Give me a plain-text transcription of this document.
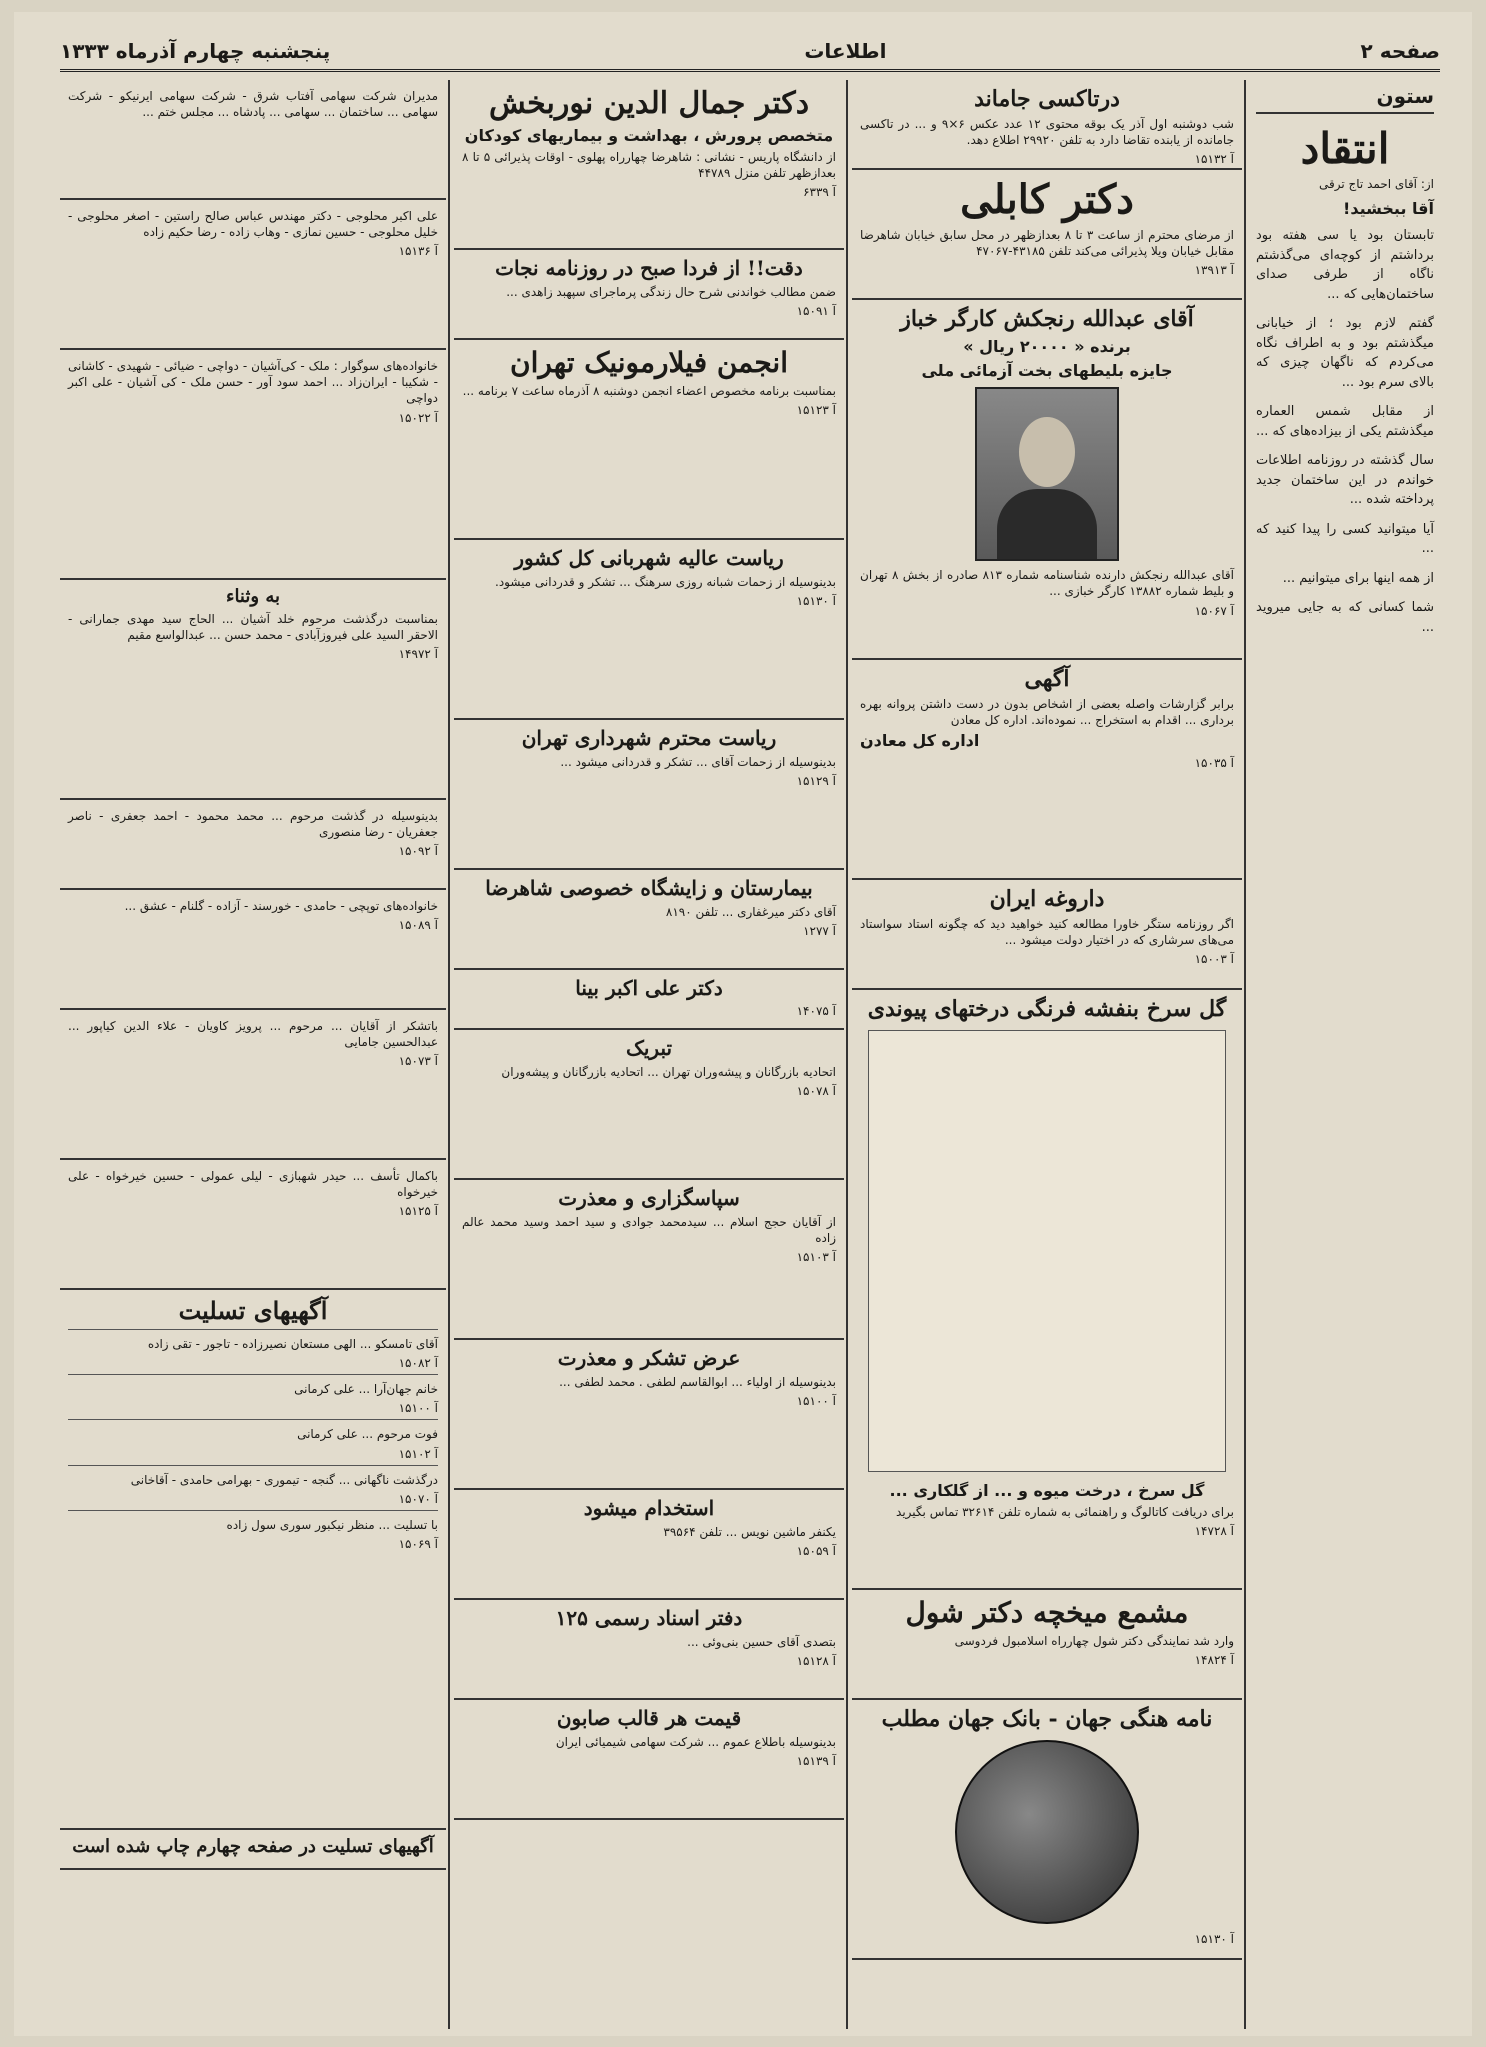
صفحه ۲
اطلاعات
پنجشنبه چهارم آذرماه ۱۳۳۳
ستون
انتقاد
از: آقای احمد تاج ترقی
آقا ببخشید!

تابستان بود یا سی هفته بود برداشتم از کوچه‌ای می‌گذشتم ناگاه از طرفی صدای ساختمان‌هایی که ...

گفتم لازم بود ؛ از خیابانی میگذشتم بود و به اطراف نگاه می‌کردم که ناگهان چیزی که بالای سرم بود ...

از مقابل شمس العماره میگذشتم یکی از بیزاده‌های که ...

سال گذشته در روزنامه اطلاعات خواندم در این ساختمان جدید پرداخته شده ...

آیا میتوانید کسی را پیدا کنید که ...

از همه اینها برای میتوانیم ...

شما کسانی که به جایی میروید ...

درتاکسی جاماند

شب دوشنبه اول آذر یک بوقه محتوی ۱۲ عدد عکس ۶×۹ و ... در تاکسی جامانده از یابنده تقاضا دارد به تلفن ۲۹۹۲۰ اطلاع دهد.

آ ۱۵۱۳۲
دکتر کابلی

از مرضای محترم از ساعت ۳ تا ۸ بعدازظهر در محل سابق خیابان شاهرضا مقابل خیابان ویلا پذیرائی می‌کند تلفن ۴۳۱۸۵-۴۷۰۶۷

آ ۱۳۹۱۳
آقای عبدالله رنجکش کارگر خباز

برنده « ۲۰۰۰۰ ریال »

جایزه بلیطهای بخت آزمائی ملی

آقای عبدالله رنجکش دارنده شناسنامه شماره ۸۱۳ صادره از بخش ۸ تهران و بلیط شماره ۱۳۸۸۲ کارگر خبازی ...

آ ۱۵۰۶۷
آگهی

برابر گزارشات واصله بعضی از اشخاص بدون در دست داشتن پروانه بهره برداری ... اقدام به استخراج ... نموده‌اند. اداره کل معادن

اداره کل معادن

آ ۱۵۰۳۵
داروغه ایران

اگر روزنامه ستگر خاورا مطالعه کنید خواهید دید که چگونه استاد سواستاد می‌های سرشاری که در اختیار دولت میشود ...

آ ۱۵۰۰۳
گل سرخ بنفشه فرنگی درختهای پیوندی

گل سرخ ، درخت میوه و ... از گلکاری ...

برای دریافت کاتالوگ و راهنمائی به شماره تلفن ۳۲۶۱۴ تماس بگیرید

آ ۱۴۷۲۸
مشمع میخچه دکتر شول

وارد شد نمایندگی دکتر شول چهارراه اسلامبول فردوسی

آ ۱۴۸۲۴
نامه هنگی جهان - بانک جهان مطلب
آ ۱۵۱۳۰
دکتر جمال الدین نوربخش

متخصص پرورش ، بهداشت و بیماریهای کودکان

از دانشگاه پاریس - نشانی : شاهرضا چهارراه پهلوی - اوقات پذیرائی ۵ تا ۸ بعدازظهر تلفن منزل ۴۴۷۸۹

آ ۶۳۳۹
دقت!! از فردا صبح در روزنامه نجات

ضمن مطالب خواندنی شرح حال زندگی پرماجرای سپهبد زاهدی ...

آ ۱۵۰۹۱
انجمن فیلارمونیک تهران

بمناسبت برنامه مخصوص اعضاء انجمن دوشنبه ۸ آذرماه ساعت ۷ برنامه ...

آ ۱۵۱۲۳
ریاست عالیه شهربانی کل کشور

بدینوسیله از زحمات شبانه روزی سرهنگ ... تشکر و قدردانی میشود.

آ ۱۵۱۳۰
ریاست محترم شهرداری تهران

بدینوسیله از زحمات آقای ... تشکر و قدردانی میشود ...

آ ۱۵۱۲۹
بیمارستان و زایشگاه خصوصی شاهرضا

آقای دکتر میرغفاری ... تلفن ۸۱۹۰

آ ۱۲۷۷
دکتر علی اکبر بینا
آ ۱۴۰۷۵
تبریک

اتحادیه بازرگانان و پیشه‌وران تهران ... اتحادیه بازرگانان و پیشه‌وران

آ ۱۵۰۷۸
سپاسگزاری و معذرت

از آقایان حجج اسلام ... سیدمحمد جوادی و سید احمد وسید محمد عالم زاده

آ ۱۵۱۰۳
عرض تشکر و معذرت

بدینوسیله از اولیاء ... ابوالقاسم لطفی . محمد لطفی ...

آ ۱۵۱۰۰
استخدام میشود

یکنفر ماشین نویس ... تلفن ۳۹۵۶۴

آ ۱۵۰۵۹
دفتر اسناد رسمی ۱۲۵

بتصدی آقای حسین بنی‌وئی ...

آ ۱۵۱۲۸
قیمت هر قالب صابون

بدینوسیله باطلاع عموم ... شرکت سهامی شیمیائی ایران

آ ۱۵۱۳۹

مدیران شرکت سهامی آفتاب شرق - شرکت سهامی ایرنیکو - شرکت سهامی ... ساختمان ... سهامی ... پادشاه ... مجلس ختم ...

علی اکبر محلوجی - دکتر مهندس عباس صالح راستین - اصغر محلوجی - خلیل محلوجی - حسین نمازی - وهاب زاده - رضا حکیم زاده

آ ۱۵۱۳۶

خانواده‌های سوگوار : ملک - کی‌آشیان - دواچی - ضیائی - شهیدی - کاشانی - شکیبا - ایران‌زاد ... احمد سود آور - حسن ملک - کی آشیان - علی اکبر دواچی

آ ۱۵۰۲۲
به وثناء

بمناسبت درگذشت مرحوم خلد آشیان ... الحاج سید مهدی جمارانی - الاحقر السید علی فیروزآبادی - محمد حسن ... عبدالواسع مقیم

آ ۱۴۹۷۲

بدینوسیله در گذشت مرحوم ... محمد محمود - احمد جعفری - ناصر جعفریان - رضا منصوری

آ ۱۵۰۹۲

خانواده‌های توپچی - حامدی - خورسند - آزاده - گلنام - عشق ...

آ ۱۵۰۸۹

باتشکر از آقایان ... مرحوم ... پرویز کاویان - علاء الدین کیاپور ... عبدالحسین جامایی

آ ۱۵۰۷۳

باکمال تأسف ... حیدر شهبازی - لیلی عمولی - حسین خیرخواه - علی خیرخواه

آ ۱۵۱۲۵
آگهیهای تسلیت

آقای تامسکو ... الهی مستعان نصیرزاده - تاجور - تقی زاده

آ ۱۵۰۸۲

خانم جهان‌آرا ... علی کرمانی

آ ۱۵۱۰۰

فوت مرحوم ... علی کرمانی

آ ۱۵۱۰۲

درگذشت ناگهانی ... گنجه - تیموری - بهرامی حامدی - آقاخانی

آ ۱۵۰۷۰

با تسلیت ... منظر نیکبور سوری سول زاده

آ ۱۵۰۶۹
آگهیهای تسلیت در صفحه چهارم چاپ شده است
